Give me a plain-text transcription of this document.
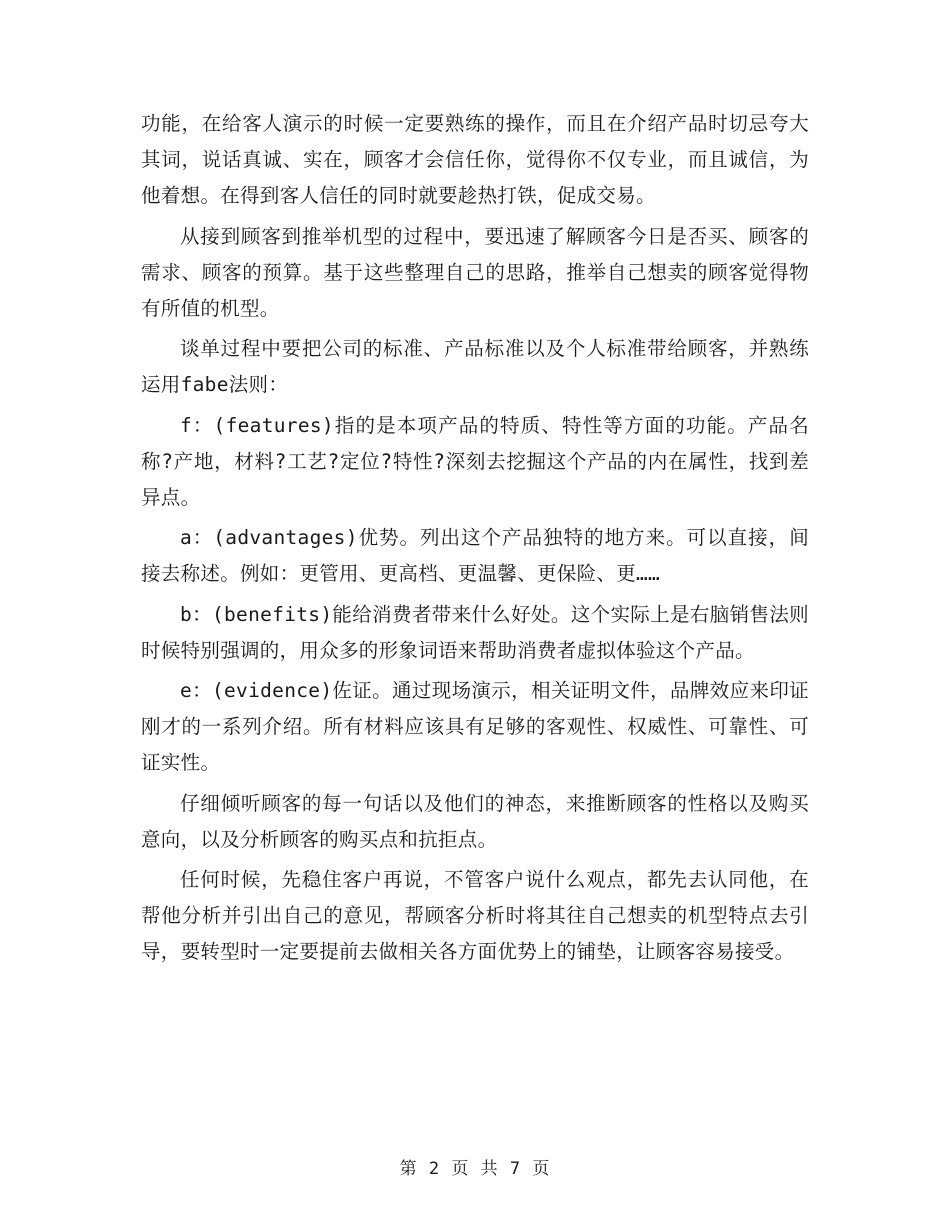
功能，在给客人演示的时候一定要熟练的操作，而且在介绍产品时切忌夸大其词，说话真诚、实在，顾客才会信任你，觉得你不仅专业，而且诚信，为他着想。在得到客人信任的同时就要趁热打铁，促成交易。

从接到顾客到推举机型的过程中，要迅速了解顾客今日是否买、顾客的需求、顾客的预算。基于这些整理自己的思路，推举自己想卖的顾客觉得物有所值的机型。

谈单过程中要把公司的标准、产品标准以及个人标准带给顾客，并熟练运用fabe法则：

f：(features)指的是本项产品的特质、特性等方面的功能。产品名称?产地，材料?工艺?定位?特性?深刻去挖掘这个产品的内在属性，找到差异点。

a：(advantages)优势。列出这个产品独特的地方来。可以直接，间接去称述。例如：更管用、更高档、更温馨、更保险、更……

b：(benefits)能给消费者带来什么好处。这个实际上是右脑销售法则时候特别强调的，用众多的形象词语来帮助消费者虚拟体验这个产品。

e：(evidence)佐证。通过现场演示，相关证明文件，品牌效应来印证刚才的一系列介绍。所有材料应该具有足够的客观性、权威性、可靠性、可证实性。

仔细倾听顾客的每一句话以及他们的神态，来推断顾客的性格以及购买意向，以及分析顾客的购买点和抗拒点。

任何时候，先稳住客户再说，不管客户说什么观点，都先去认同他，在帮他分析并引出自己的意见，帮顾客分析时将其往自己想卖的机型特点去引导，要转型时一定要提前去做相关各方面优势上的铺垫，让顾客容易接受。

第 2 页 共 7 页
